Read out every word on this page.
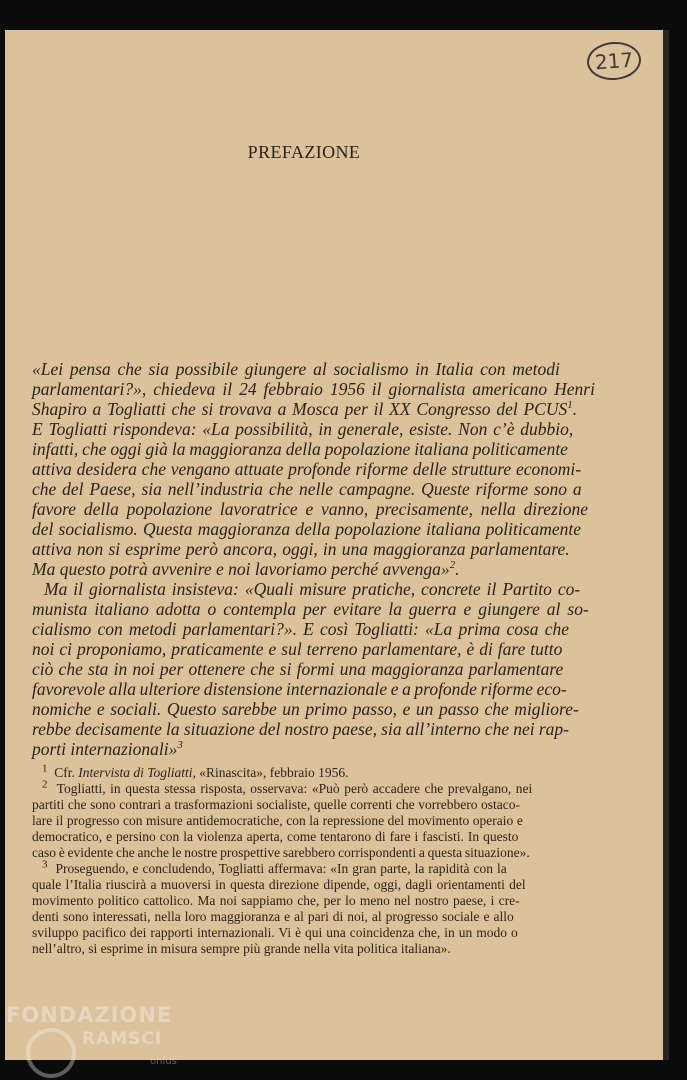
217
PREFAZIONE
«Lei pensa che sia possibile giungere al socialismo in Italia con metodi
parlamentari?», chiedeva il 24 febbraio 1956 il giornalista americano Henri
Shapiro a Togliatti che si trovava a Mosca per il XX Congresso del PCUS$^1$.
E Togliatti rispondeva: «La possibilità, in generale, esiste. Non c’è dubbio,
infatti, che oggi già la maggioranza della popolazione italiana politicamente
attiva desidera che vengano attuate profonde riforme delle strutture economi-
che del Paese, sia nell’industria che nelle campagne. Queste riforme sono a
favore della popolazione lavoratrice e vanno, precisamente, nella direzione
del socialismo. Questa maggioranza della popolazione italiana politicamente
attiva non si esprime però ancora, oggi, in una maggioranza parlamentare.
Ma questo potrà avvenire e noi lavoriamo perché avvenga»$^2$.
Ma il giornalista insisteva: «Quali misure pratiche, concrete il Partito co-
munista italiano adotta o contempla per evitare la guerra e giungere al so-
cialismo con metodi parlamentari?». E così Togliatti: «La prima cosa che
noi ci proponiamo, praticamente e sul terreno parlamentare, è di fare tutto
ciò che sta in noi per ottenere che si formi una maggioranza parlamentare
favorevole alla ulteriore distensione internazionale e a profonde riforme eco-
nomiche e sociali. Questo sarebbe un primo passo, e un passo che migliore-
rebbe decisamente la situazione del nostro paese, sia all’interno che nei rap-
porti internazionali»$^3$
$^1$ Cfr. Intervista di Togliatti, «Rinascita», febbraio 1956.
$^2$ Togliatti, in questa stessa risposta, osservava: «Può però accadere che prevalgano, nei
partiti che sono contrari a trasformazioni socialiste, quelle correnti che vorrebbero ostaco-
lare il progresso con misure antidemocratiche, con la repressione del movimento operaio e
democratico, e persino con la violenza aperta, come tentarono di fare i fascisti. In questo
caso è evidente che anche le nostre prospettive sarebbero corrispondenti a questa situazione».
$^3$ Proseguendo, e concludendo, Togliatti affermava: «In gran parte, la rapidità con la
quale l’Italia riuscirà a muoversi in questa direzione dipende, oggi, dagli orientamenti del
movimento politico cattolico. Ma noi sappiamo che, per lo meno nel nostro paese, i cre-
denti sono interessati, nella loro maggioranza e al pari di noi, al progresso sociale e allo
sviluppo pacifico dei rapporti internazionali. Vi è qui una coincidenza che, in un modo o
nell’altro, si esprime in misura sempre più grande nella vita politica italiana».
FONDAZIONE
RAMSCI
onlus
